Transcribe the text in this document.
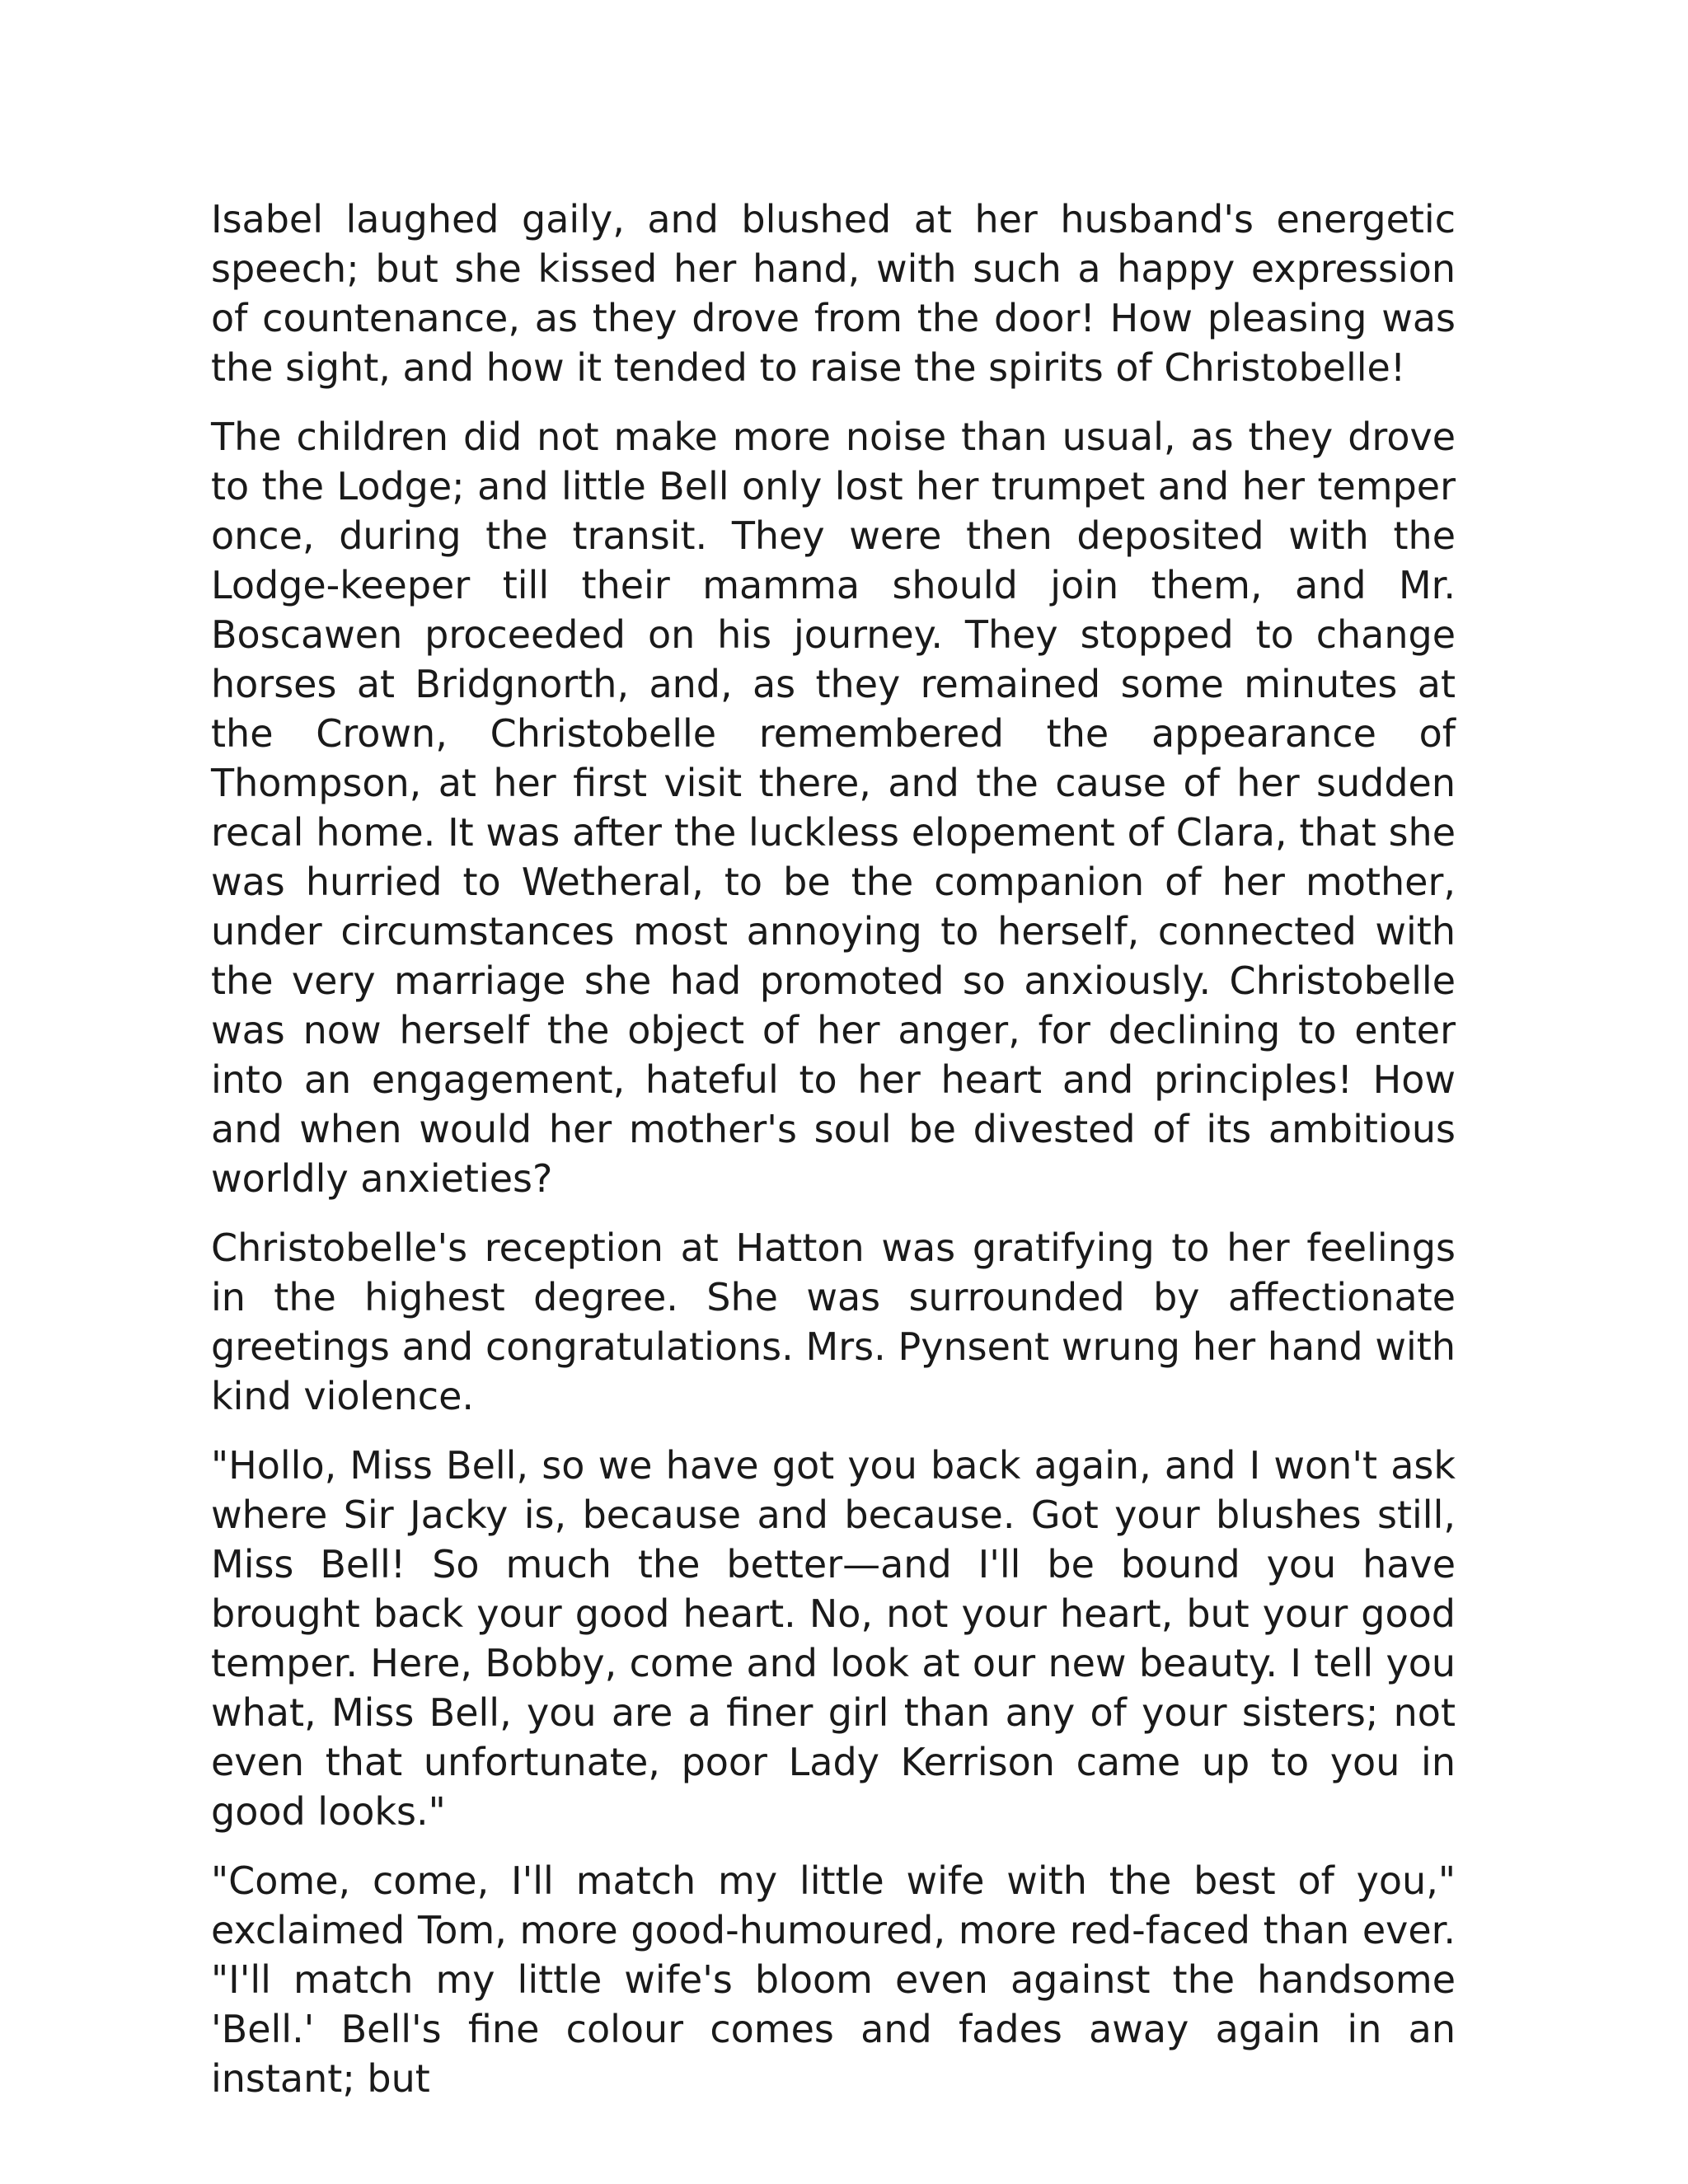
Isabel laughed gaily, and blushed at her husband's energetic speech; but she kissed her hand, with such a happy expression of countenance, as they drove from the door! How pleasing was the sight, and how it tended to raise the spirits of Christobelle!

The children did not make more noise than usual, as they drove to the Lodge; and little Bell only lost her trumpet and her temper once, during the transit. They were then deposited with the Lodge-keeper till their mamma should join them, and Mr. Boscawen proceeded on his journey. They stopped to change horses at Bridgnorth, and, as they remained some minutes at the Crown, Christobelle remembered the appearance of Thompson, at her first visit there, and the cause of her sudden recal home. It was after the luckless elopement of Clara, that she was hurried to Wetheral, to be the companion of her mother, under circumstances most annoying to herself, connected with the very marriage she had promoted so anxiously. Christobelle was now herself the object of her anger, for declining to enter into an engagement, hateful to her heart and principles! How and when would her mother's soul be divested of its ambitious worldly anxieties?

Christobelle's reception at Hatton was gratifying to her feelings in the highest degree. She was surrounded by affectionate greetings and congratulations. Mrs. Pynsent wrung her hand with kind violence.

"Hollo, Miss Bell, so we have got you back again, and I won't ask where Sir Jacky is, because and because. Got your blushes still, Miss Bell! So much the better—and I'll be bound you have brought back your good heart. No, not your heart, but your good temper. Here, Bobby, come and look at our new beauty. I tell you what, Miss Bell, you are a finer girl than any of your sisters; not even that unfortunate, poor Lady Kerrison came up to you in good looks."

"Come, come, I'll match my little wife with the best of you," exclaimed Tom, more good-humoured, more red-faced than ever. "I'll match my little wife's bloom even against the handsome 'Bell.' Bell's fine colour comes and fades away again in an instant; but
